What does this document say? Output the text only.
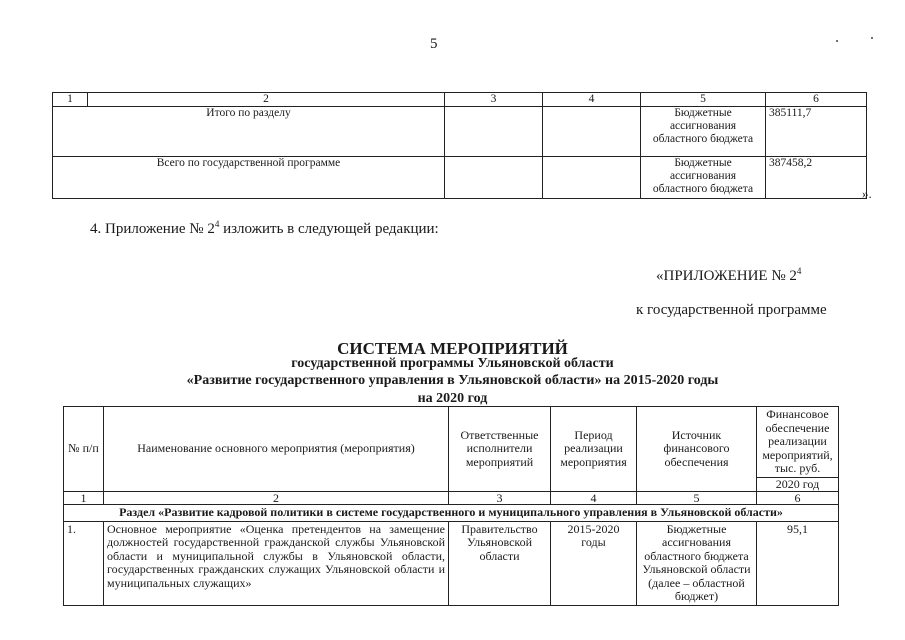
5
1	2	3	4	5	6
Итого по разделу				Бюджетные ассигнования областного бюджета	385111,7
Всего по государственной программе				Бюджетные ассигнования областного бюджета	387458,2
».
4. Приложение № $2^4$ изложить в следующей редакции:
«ПРИЛОЖЕНИЕ № $2^4$
к государственной программе
СИСТЕМА МЕРОПРИЯТИЙ
государственной программы Ульяновской области
«Развитие государственного управления в Ульяновской области» на 2015-2020 годы
на 2020 год
№ п/п	Наименование основного мероприятия (мероприятия)	Ответственные исполнители мероприятий	Период реализации мероприятия	Источник финансового обеспечения	Финансовое обеспечение реализации мероприятий, тыс. руб.
					2020 год
1	2	3	4	5	6
Раздел «Развитие кадровой политики в системе государственного и муниципального управления в Ульяновской области»					
1.	Основное мероприятие «Оценка претендентов на замещение должностей государственной гражданской службы Ульяновской области и муниципальной службы в Ульяновской области, государственных гражданских служащих Ульяновской области и муниципальных служащих»	Правительство Ульяновской области	2015-2020 годы	Бюджетные ассигнования областного бюджета Ульяновской области (далее – областной бюджет)	95,1
